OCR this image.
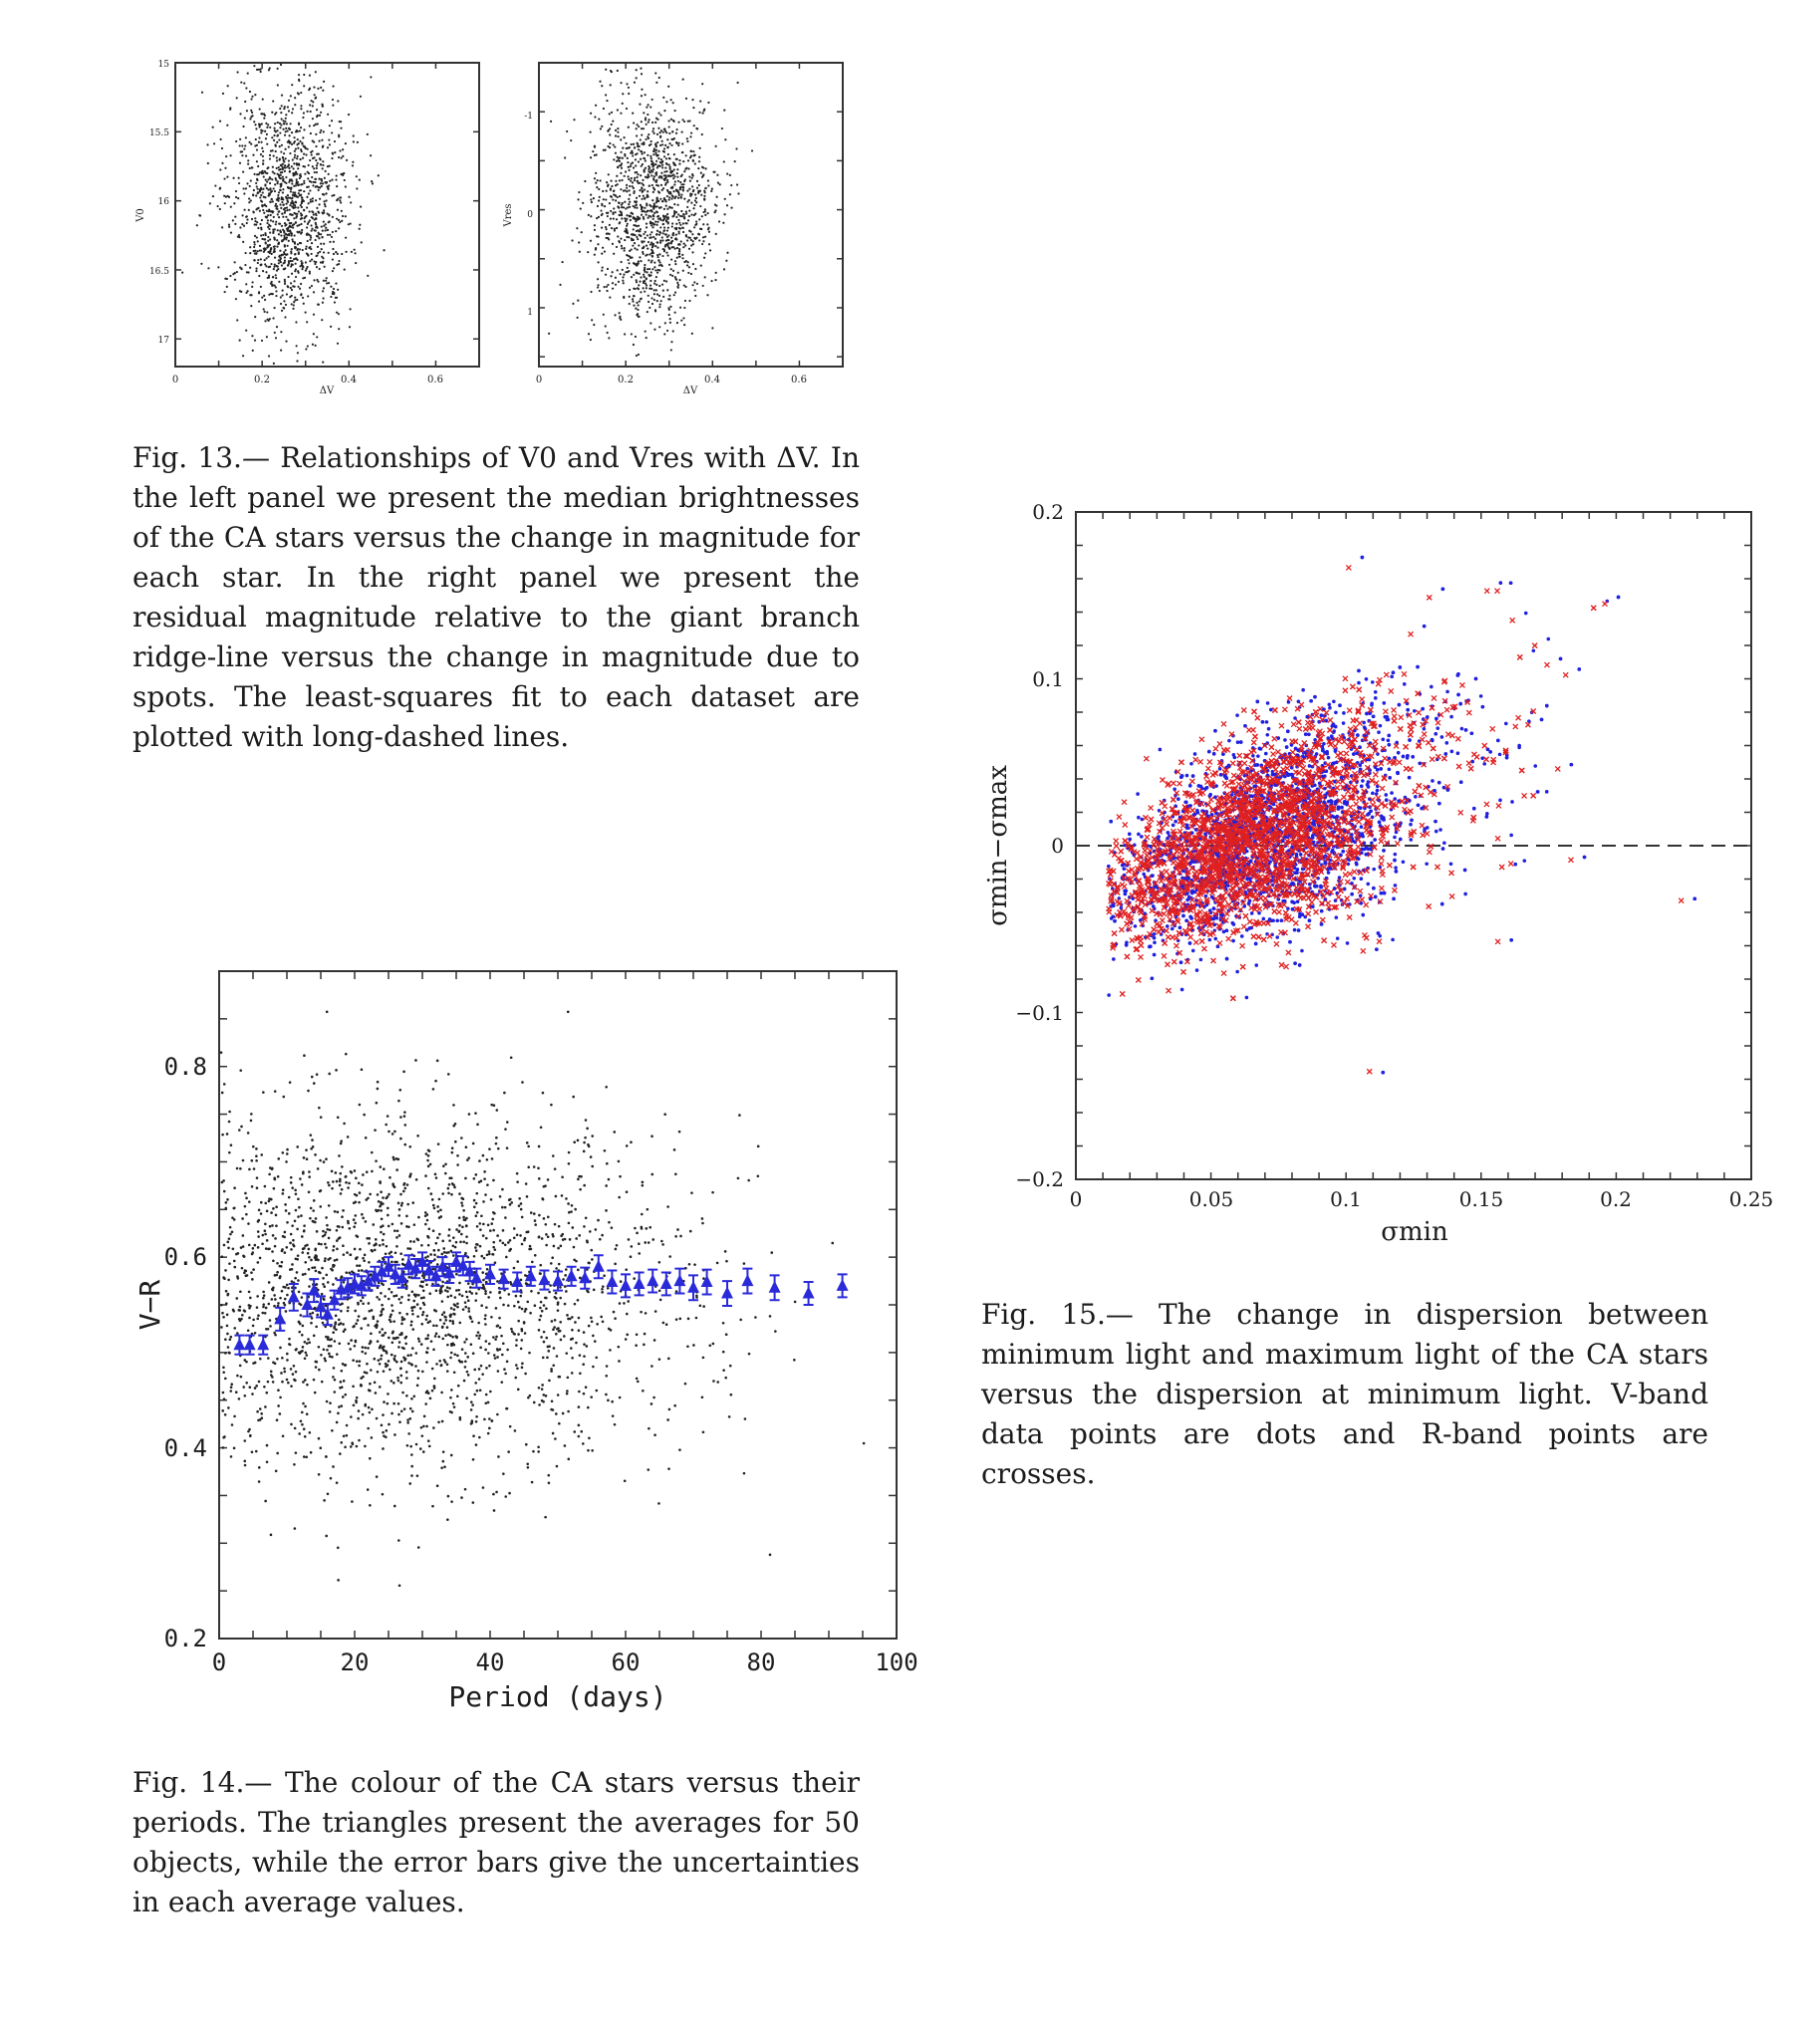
0	0.2	0.4	0.6
15
15.5
16
16.5
17
ΔV
V0
0	0.2	0.4	0.6
-1
0
1
ΔV
Vres

Fig. 13.— Relationships of V0 and Vres with ΔV. In the left panel we present the median brightnesses of the CA stars versus the change in magnitude for each star. In the right panel we present the residual magnitude relative to the giant branch ridge-line versus the change in magnitude due to spots. The least-squares fit to each dataset are plotted with long-dashed lines.

0	20	40	60	80	100
0.2
0.4
0.6
0.8
Period (days)
V−R

Fig. 14.— The colour of the CA stars versus their periods. The triangles present the averages for 50 objects, while the error bars give the uncertainties in each average values.

0	0.05	0.1	0.15	0.2	0.25
−0.2
−0.1
0
0.1
0.2
σmin
σmin−σmax

Fig. 15.— The change in dispersion between minimum light and maximum light of the CA stars versus the dispersion at minimum light. V-band data points are dots and R-band points are crosses.
